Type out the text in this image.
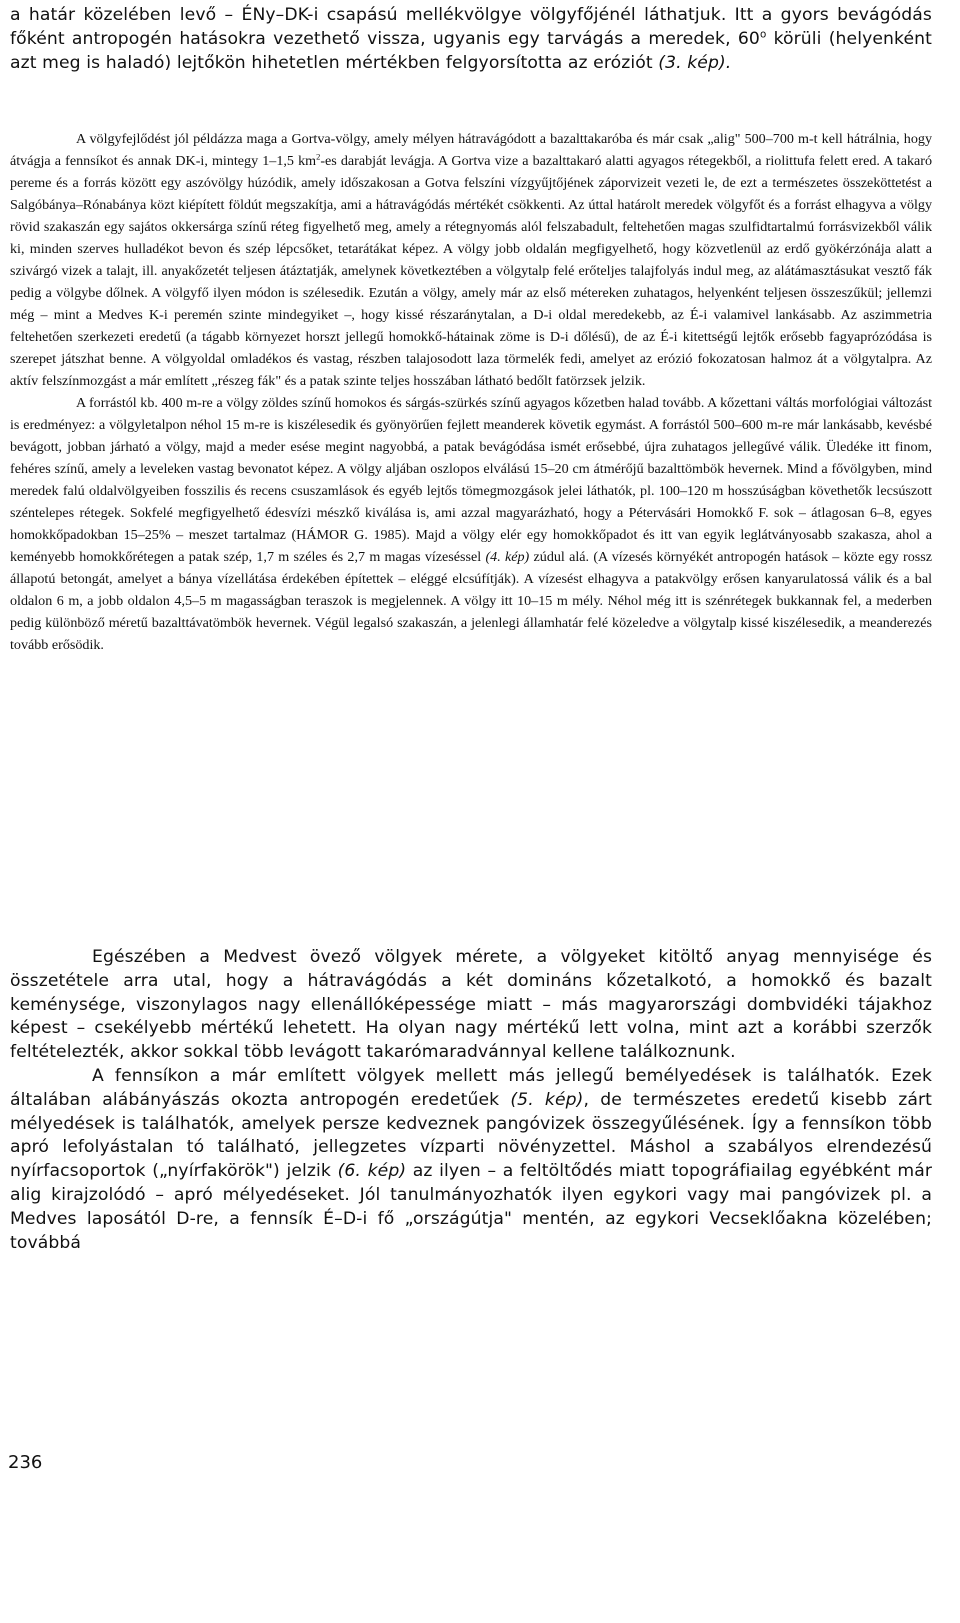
a határ közelében levő – ÉNy–DK-i csapású mellékvölgye völgyfőjénél láthatjuk. Itt a gyors bevágódás főként antropogén hatásokra vezethető vissza, ugyanis egy tarvágás a meredek, 60$^o$ körüli (helyenként azt meg is haladó) lejtőkön hihetetlen mértékben felgyorsította az eróziót (3. kép).

A völgyfejlődést jól példázza maga a Gortva-völgy, amely mélyen hátravágódott a bazalttakaróba és már csak „alig" 500–700 m-t kell hátrálnia, hogy átvágja a fennsíkot és annak DK-i, mintegy 1–1,5 $km^2-es$ darabját levágja. A Gortva vize a bazalttakaró alatti agyagos rétegekből, a riolittufa felett ered. A takaró pereme és a forrás között egy aszóvölgy húzódik, amely időszakosan a Gotva felszíni vízgyűjtőjének záporvizeit vezeti le, de ezt a természetes összeköttetést a Salgóbánya–Rónabánya közt kiépített földút megszakítja, ami a hátravágódás mértékét csökkenti. Az úttal határolt meredek völgyfőt és a forrást elhagyva a völgy rövid szakaszán egy sajátos okkersárga színű réteg figyelhető meg, amely a rétegnyomás alól felszabadult, feltehetően magas szulfidtartalmú forrásvizekből válik ki, minden szerves hulladékot bevon és szép lépcsőket, tetarátákat képez. A völgy jobb oldalán megfigyelhető, hogy közvetlenül az erdő gyökérzónája alatt a szivárgó vizek a talajt, ill. anyakőzetét teljesen átáztatják, amelynek következtében a völgytalp felé erőteljes talajfolyás indul meg, az alátámasztásukat vesztő fák pedig a völgybe dőlnek. A völgyfő ilyen módon is szélesedik. Ezután a völgy, amely már az első métereken zuhatagos, helyenként teljesen összeszűkül; jellemzi még – mint a Medves K-i peremén szinte mindegyiket –, hogy kissé részaránytalan, a D-i oldal meredekebb, az É-i valamivel lankásabb. Az aszimmetria feltehetően szerkezeti eredetű (a tágabb környezet horszt jellegű homokkő-hátainak zöme is D-i dőlésű), de az É-i kitettségű lejtők erősebb fagyaprózódása is szerepet játszhat benne. A völgyoldal omladékos és vastag, részben talajosodott laza törmelék fedi, amelyet az erózió fokozatosan halmoz át a völgytalpra. Az aktív felszínmozgást a már említett „részeg fák" és a patak szinte teljes hosszában látható bedőlt fatörzsek jelzik.

A forrástól kb. 400 m-re a völgy zöldes színű homokos és sárgás-szürkés színű agyagos kőzetben halad tovább. A kőzettani váltás morfológiai változást is eredményez: a völgyletalpon néhol 15 m-re is kiszélesedik és gyönyörűen fejlett meanderek követik egymást. A forrástól 500–600 m-re már lankásabb, kevésbé bevágott, jobban járható a völgy, majd a meder esése megint nagyobbá, a patak bevágódása ismét erősebbé, újra zuhatagos jellegűvé válik. Üledéke itt finom, fehéres színű, amely a leveleken vastag bevonatot képez. A völgy aljában oszlopos elválású 15–20 cm átmérőjű bazalttömbök hevernek. Mind a fővölgyben, mind meredek falú oldalvölgyeiben fosszilis és recens csuszamlások és egyéb lejtős tömegmozgások jelei láthatók, pl. 100–120 m hosszúságban követhetők lecsúszott széntelepes rétegek. Sokfelé megfigyelhető édesvízi mészkő kiválása is, ami azzal magyarázható, hogy a Pétervásári Homokkő F. sok – átlagosan 6–8, egyes homokkőpadokban 15–25% – meszet tartalmaz (HÁMOR G. 1985). Majd a völgy elér egy homokkőpadot és itt van egyik leglátványosabb szakasza, ahol a keményebb homokkőrétegen a patak szép, 1,7 m széles és 2,7 m magas vízeséssel (4. kép) zúdul alá. (A vízesés környékét antropogén hatások – közte egy rossz állapotú betongát, amelyet a bánya vízellátása érdekében építettek – eléggé elcsúfítják). A vízesést elhagyva a patakvölgy erősen kanyarulatossá válik és a bal oldalon 6 m, a jobb oldalon 4,5–5 m magasságban teraszok is megjelennek. A völgy itt 10–15 m mély. Néhol még itt is szénrétegek bukkannak fel, a mederben pedig különböző méretű bazalttávatömbök hevernek. Végül legalsó szakaszán, a jelenlegi államhatár felé közeledve a völgytalp kissé kiszélesedik, a meanderezés tovább erősödik.

Egészében a Medvest övező völgyek mérete, a völgyeket kitöltő anyag mennyisége és összetétele arra utal, hogy a hátravágódás a két domináns kőzetalkotó, a homokkő és bazalt keménysége, viszonylagos nagy ellenállóképessége miatt – más magyarországi dombvidéki tájakhoz képest – csekélyebb mértékű lehetett. Ha olyan nagy mértékű lett volna, mint azt a korábbi szerzők feltételezték, akkor sokkal több levágott takarómaradvánnyal kellene találkoznunk.

A fennsíkon a már említett völgyek mellett más jellegű bemélyedések is találhatók. Ezek általában alábányászás okozta antropogén eredetűek (5. kép), de természetes eredetű kisebb zárt mélyedések is találhatók, amelyek persze kedveznek pangóvizek összegyűlésének. Így a fennsíkon több apró lefolyástalan tó található, jellegzetes vízparti növényzettel. Máshol a szabályos elrendezésű nyírfacsoportok („nyírfakörök") jelzik (6. kép) az ilyen – a feltöltődés miatt topográfiailag egyébként már alig kirajzolódó – apró mélyedéseket. Jól tanulmányozhatók ilyen egykori vagy mai pangóvizek pl. a Medves laposától D-re, a fennsík É–D-i fő „országútja" mentén, az egykori Vecseklőakna közelében; továbbá

236
